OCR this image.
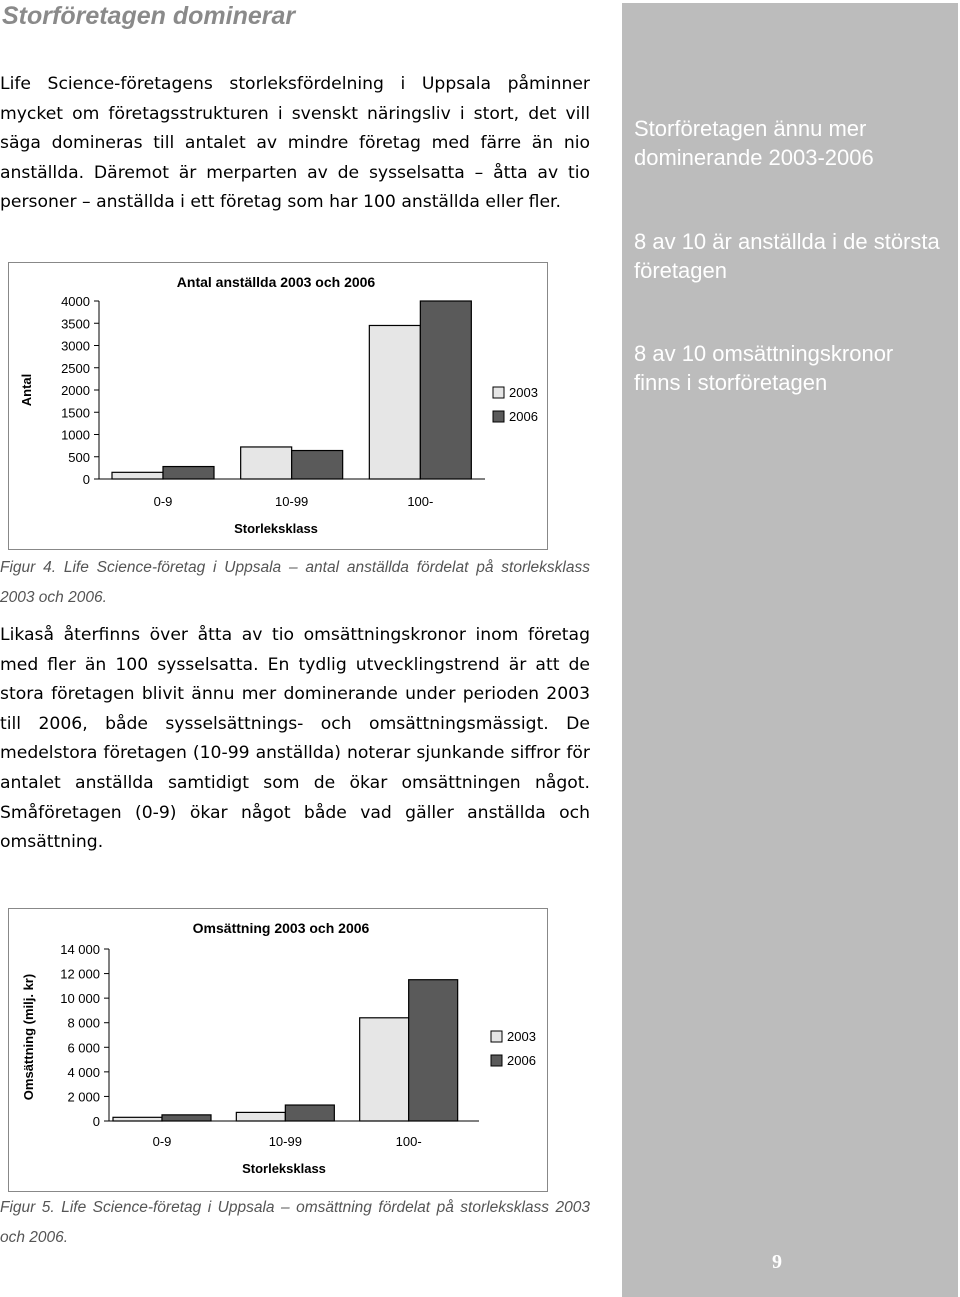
Storföretagen dominerar

Life Science-företagens storleksfördelning i Uppsala påminner mycket om företagsstrukturen i svenskt näringsliv i stort, det vill säga domineras till antalet av mindre företag med färre än nio anställda. Däremot är merparten av de sysselsatta – åtta av tio personer – anställda i ett företag som har 100 anställda eller fler.

Antal anställda 2003 och 2006
4000
3500
3000
2500
2000
1500
1000
500
0
Antal
0-9	10-99	100-
Storleksklass
2003
2006

Figur 4. Life Science-företag i Uppsala – antal anställda fördelat på storleksklass 2003 och 2006.

Likaså återfinns över åtta av tio omsättningskronor inom företag med fler än 100 sysselsatta. En tydlig utvecklingstrend är att de stora företagen blivit ännu mer dominerande under perioden 2003 till 2006, både sysselsättnings- och omsättningsmässigt. De medelstora företagen (10-99 anställda) noterar sjunkande siffror för antalet anställda samtidigt som de ökar omsättningen något. Småföretagen (0-9) ökar något både vad gäller anställda och omsättning.

Omsättning 2003 och 2006
14 000
12 000
10 000
8 000
6 000
4 000
2 000
0
Omsättning (milj. kr)
0-9	10-99	100-
Storleksklass
2003
2006

Figur 5. Life Science-företag i Uppsala – omsättning fördelat på storleksklass 2003 och 2006.

Storföretagen ännu mer dominerande 2003-2006

8 av 10 är anställda i de största företagen

8 av 10 omsättningskronor finns i storföretagen

9
